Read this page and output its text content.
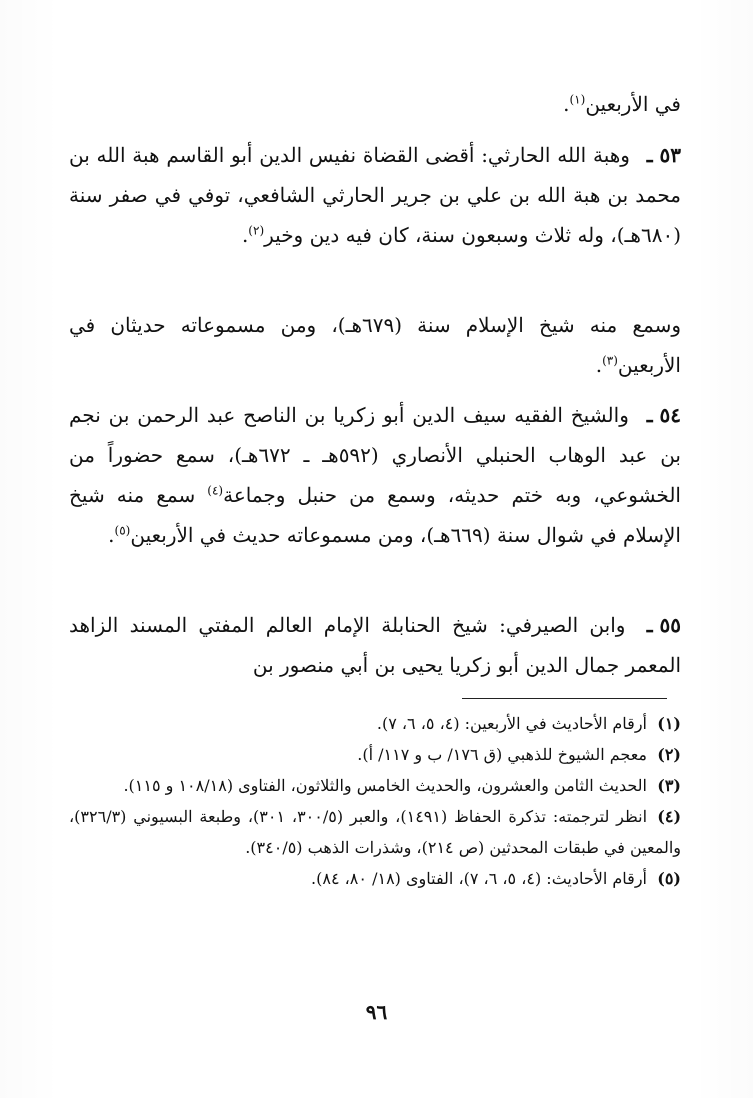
في الأربعين$^{(١)}$.
٥٣ ـ وهبة الله الحارثي: أقضى القضاة نفيس الدين أبو القاسم هبة الله بن محمد بن هبة الله بن علي بن جرير الحارثي الشافعي، توفي في صفر سنة (٦٨٠هـ)، وله ثلاث وسبعون سنة، كان فيه دين وخير$^{(٢)}$.
وسمع منه شيخ الإسلام سنة (٦٧٩هـ)، ومن مسموعاته حديثان في الأربعين$^{(٣)}$.
٥٤ ـ والشيخ الفقيه سيف الدين أبو زكريا بن الناصح عبد الرحمن بن نجم بن عبد الوهاب الحنبلي الأنصاري (٥٩٢هـ ـ ٦٧٢هـ)، سمع حضوراً من الخشوعي، وبه ختم حديثه، وسمع من حنبل وجماعة$^{(٤)}$ سمع منه شيخ الإسلام في شوال سنة (٦٦٩هـ)، ومن مسموعاته حديث في الأربعين$^{(٥)}$.
٥٥ ـ وابن الصيرفي: شيخ الحنابلة الإمام العالم المفتي المسند الزاهد المعمر جمال الدين أبو زكريا يحيى بن أبي منصور بن

(١)أرقام الأحاديث في الأربعين: (٤، ٥، ٦، ٧).

(٢)معجم الشيوخ للذهبي (ق ١٧٦/ ب و ١١٧/ أ).

(٣)الحديث الثامن والعشرون، والحديث الخامس والثلاثون، الفتاوى (١٠٨/١٨ و ١١٥).

(٤)انظر لترجمته: تذكرة الحفاظ (١٤٩١)، والعبر (٣٠٠/٥، ٣٠١)، وطبعة البسيوني (٣٢٦/٣)، والمعين في طبقات المحدثين (ص ٢١٤)، وشذرات الذهب (٣٤٠/٥).

(٥)أرقام الأحاديث: (٤، ٥، ٦، ٧)، الفتاوى (١٨/ ٨٠، ٨٤).

٩٦
